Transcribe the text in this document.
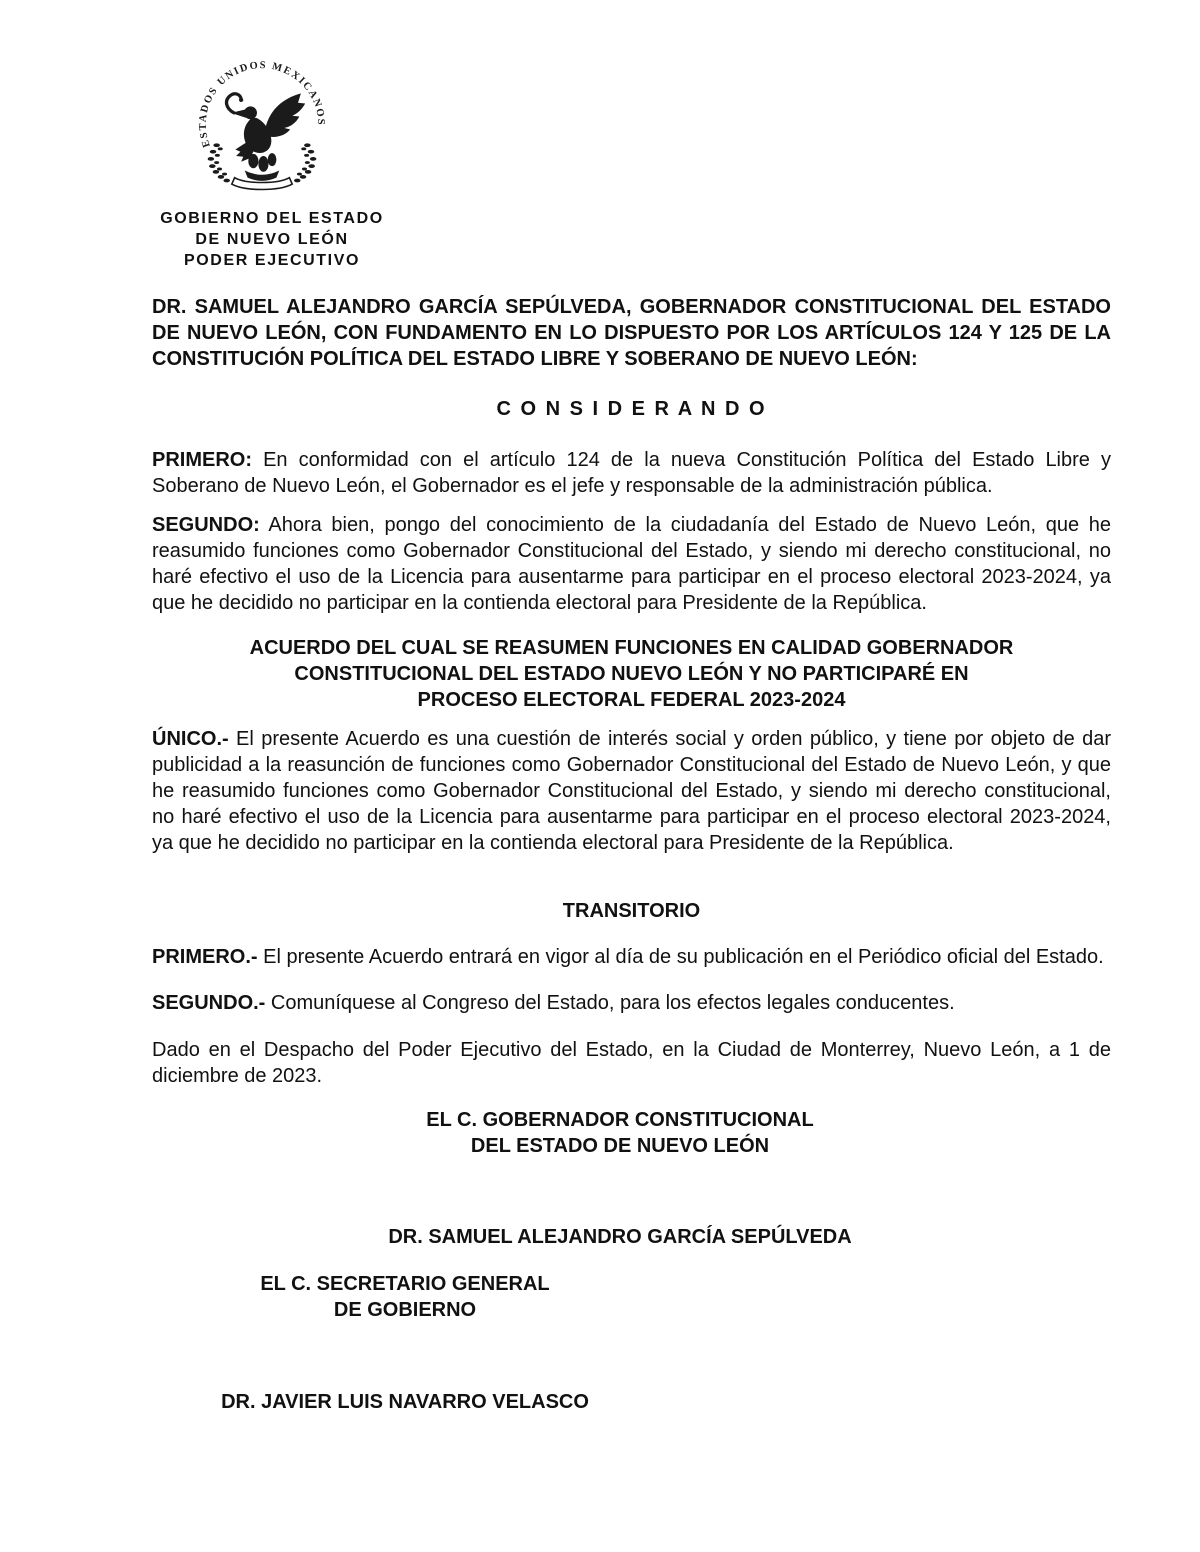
ESTADOS UNIDOS MEXICANOS
GOBIERNO DEL ESTADO
DE NUEVO LEÓN
PODER EJECUTIVO

DR. SAMUEL ALEJANDRO GARCÍA SEPÚLVEDA, GOBERNADOR CONSTITUCIONAL DEL ESTADO DE NUEVO LEÓN, CON FUNDAMENTO EN LO DISPUESTO POR LOS ARTÍCULOS 124 Y 125 DE LA CONSTITUCIÓN POLÍTICA DEL ESTADO LIBRE Y SOBERANO DE NUEVO LEÓN:

C O N S I D E R A N D O

PRIMERO: En conformidad con el artículo 124 de la nueva Constitución Política del Estado Libre y Soberano de Nuevo León, el Gobernador es el jefe y responsable de la administración pública.

SEGUNDO: Ahora bien, pongo del conocimiento de la ciudadanía del Estado de Nuevo León, que he reasumido funciones como Gobernador Constitucional del Estado, y siendo mi derecho constitucional, no haré efectivo el uso de la Licencia para ausentarme para participar en el proceso electoral 2023-2024, ya que he decidido no participar en la contienda electoral para Presidente de la República.

ACUERDO DEL CUAL SE REASUMEN FUNCIONES EN CALIDAD GOBERNADOR
CONSTITUCIONAL DEL ESTADO NUEVO LEÓN Y NO PARTICIPARÉ EN
PROCESO ELECTORAL FEDERAL 2023-2024

ÚNICO.- El presente Acuerdo es una cuestión de interés social y orden público, y tiene por objeto de dar publicidad a la reasunción de funciones como Gobernador Constitucional del Estado de Nuevo León, y que he reasumido funciones como Gobernador Constitucional del Estado, y siendo mi derecho constitucional, no haré efectivo el uso de la Licencia para ausentarme para participar en el proceso electoral 2023-2024, ya que he decidido no participar en la contienda electoral para Presidente de la República.

TRANSITORIO

PRIMERO.- El presente Acuerdo entrará en vigor al día de su publicación en el Periódico oficial del Estado.

SEGUNDO.- Comuníquese al Congreso del Estado, para los efectos legales conducentes.

Dado en el Despacho del Poder Ejecutivo del Estado, en la Ciudad de Monterrey, Nuevo León, a 1 de diciembre de 2023.

EL C. GOBERNADOR CONSTITUCIONAL
DEL ESTADO DE NUEVO LEÓN
DR. SAMUEL ALEJANDRO GARCÍA SEPÚLVEDA
EL C. SECRETARIO GENERAL
DE GOBIERNO
DR. JAVIER LUIS NAVARRO VELASCO
